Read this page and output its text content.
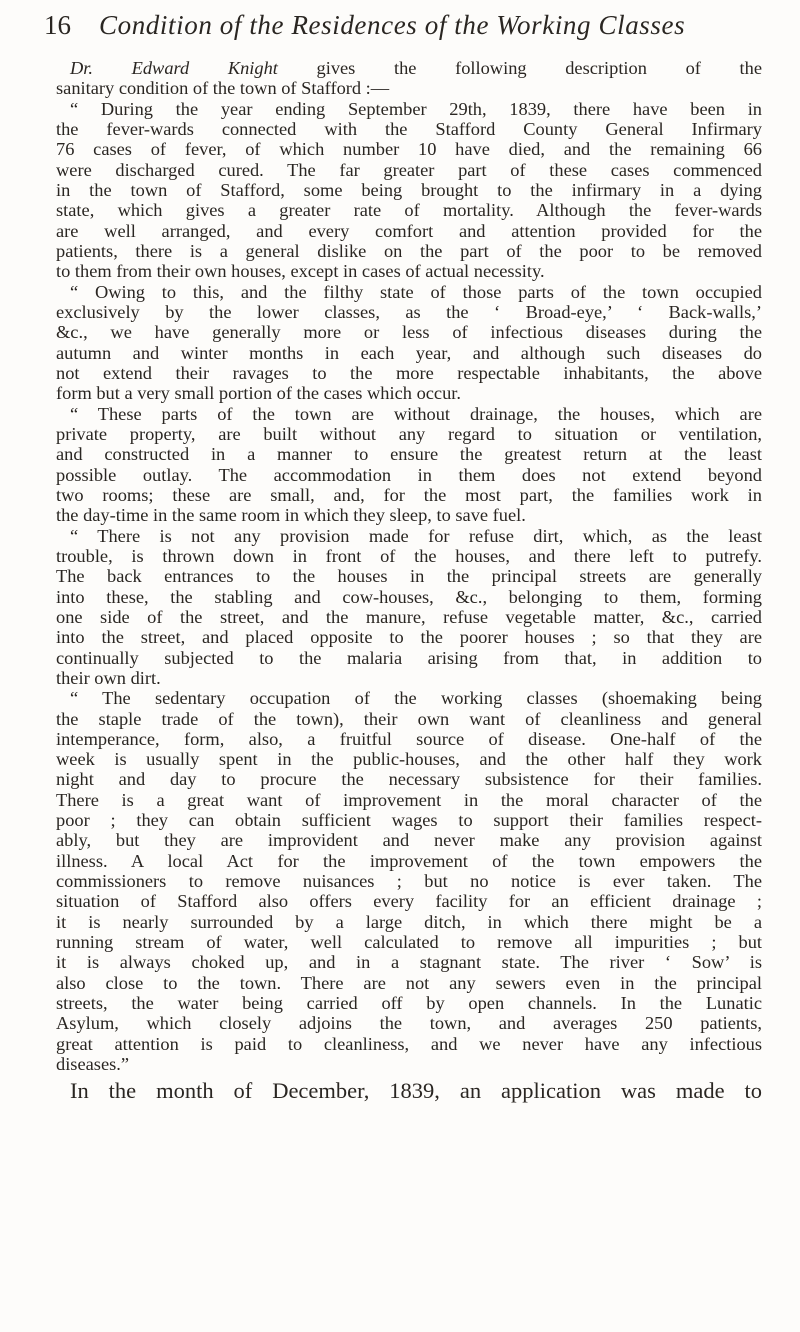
16 Condition of the Residences of the Working Classes
Dr. Edward Knight gives the following description of the
sanitary condition of the town of Stafford :—
“ During the year ending September 29th, 1839, there have been in
the fever-wards connected with the Stafford County General Infirmary
76 cases of fever, of which number 10 have died, and the remaining 66
were discharged cured. The far greater part of these cases commenced
in the town of Stafford, some being brought to the infirmary in a dying
state, which gives a greater rate of mortality. Although the fever-wards
are well arranged, and every comfort and attention provided for the
patients, there is a general dislike on the part of the poor to be removed
to them from their own houses, except in cases of actual necessity.
“ Owing to this, and the filthy state of those parts of the town occupied
exclusively by the lower classes, as the ‘ Broad-eye,’ ‘ Back-walls,’
&c., we have generally more or less of infectious diseases during the
autumn and winter months in each year, and although such diseases do
not extend their ravages to the more respectable inhabitants, the above
form but a very small portion of the cases which occur.
“ These parts of the town are without drainage, the houses, which are
private property, are built without any regard to situation or ventilation,
and constructed in a manner to ensure the greatest return at the least
possible outlay. The accommodation in them does not extend beyond
two rooms; these are small, and, for the most part, the families work in
the day-time in the same room in which they sleep, to save fuel.
“ There is not any provision made for refuse dirt, which, as the least
trouble, is thrown down in front of the houses, and there left to putrefy.
The back entrances to the houses in the principal streets are generally
into these, the stabling and cow-houses, &c., belonging to them, forming
one side of the street, and the manure, refuse vegetable matter, &c., carried
into the street, and placed opposite to the poorer houses ; so that they are
continually subjected to the malaria arising from that, in addition to
their own dirt.
“ The sedentary occupation of the working classes (shoemaking being
the staple trade of the town), their own want of cleanliness and general
intemperance, form, also, a fruitful source of disease. One-half of the
week is usually spent in the public-houses, and the other half they work
night and day to procure the necessary subsistence for their families.
There is a great want of improvement in the moral character of the
poor ; they can obtain sufficient wages to support their families respect-
ably, but they are improvident and never make any provision against
illness. A local Act for the improvement of the town empowers the
commissioners to remove nuisances ; but no notice is ever taken. The
situation of Stafford also offers every facility for an efficient drainage ;
it is nearly surrounded by a large ditch, in which there might be a
running stream of water, well calculated to remove all impurities ; but
it is always choked up, and in a stagnant state. The river ‘ Sow’ is
also close to the town. There are not any sewers even in the principal
streets, the water being carried off by open channels. In the Lunatic
Asylum, which closely adjoins the town, and averages 250 patients,
great attention is paid to cleanliness, and we never have any infectious
diseases.”
In the month of December, 1839, an application was made to
